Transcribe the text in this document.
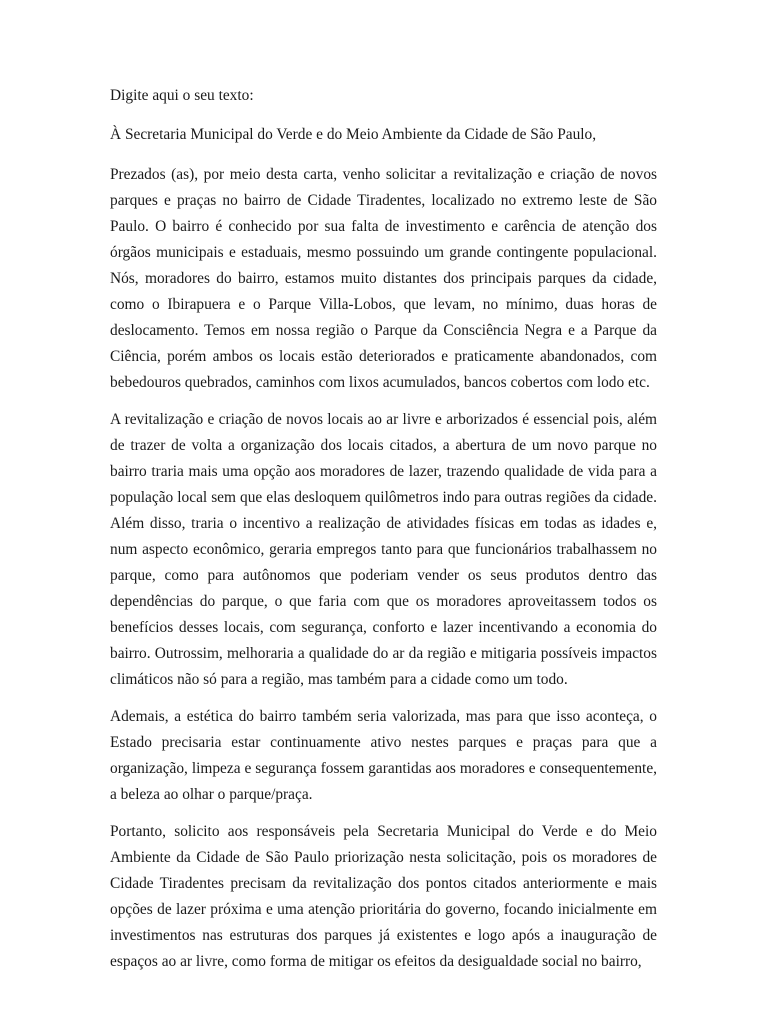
Digite aqui o seu texto:

À Secretaria Municipal do Verde e do Meio Ambiente da Cidade de São Paulo,

Prezados (as), por meio desta carta, venho solicitar a revitalização e criação de novos parques e praças no bairro de Cidade Tiradentes, localizado no extremo leste de São Paulo. O bairro é conhecido por sua falta de investimento e carência de atenção dos órgãos municipais e estaduais, mesmo possuindo um grande contingente populacional. Nós, moradores do bairro, estamos muito distantes dos principais parques da cidade, como o Ibirapuera e o Parque Villa-Lobos, que levam, no mínimo, duas horas de deslocamento. Temos em nossa região o Parque da Consciência Negra e a Parque da Ciência, porém ambos os locais estão deteriorados e praticamente abandonados, com bebedouros quebrados, caminhos com lixos acumulados, bancos cobertos com lodo etc.

A revitalização e criação de novos locais ao ar livre e arborizados é essencial pois, além de trazer de volta a organização dos locais citados, a abertura de um novo parque no bairro traria mais uma opção aos moradores de lazer, trazendo qualidade de vida para a população local sem que elas desloquem quilômetros indo para outras regiões da cidade. Além disso, traria o incentivo a realização de atividades físicas em todas as idades e, num aspecto econômico, geraria empregos tanto para que funcionários trabalhassem no parque, como para autônomos que poderiam vender os seus produtos dentro das dependências do parque, o que faria com que os moradores aproveitassem todos os benefícios desses locais, com segurança, conforto e lazer incentivando a economia do bairro. Outrossim, melhoraria a qualidade do ar da região e mitigaria possíveis impactos climáticos não só para a região, mas também para a cidade como um todo.

Ademais, a estética do bairro também seria valorizada, mas para que isso aconteça, o Estado precisaria estar continuamente ativo nestes parques e praças para que a organização, limpeza e segurança fossem garantidas aos moradores e consequentemente, a beleza ao olhar o parque/praça.

Portanto, solicito aos responsáveis pela Secretaria Municipal do Verde e do Meio Ambiente da Cidade de São Paulo priorização nesta solicitação, pois os moradores de Cidade Tiradentes precisam da revitalização dos pontos citados anteriormente e mais opções de lazer próxima e uma atenção prioritária do governo, focando inicialmente em investimentos nas estruturas dos parques já existentes e logo após a inauguração de espaços ao ar livre, como forma de mitigar os efeitos da desigualdade social no bairro,
